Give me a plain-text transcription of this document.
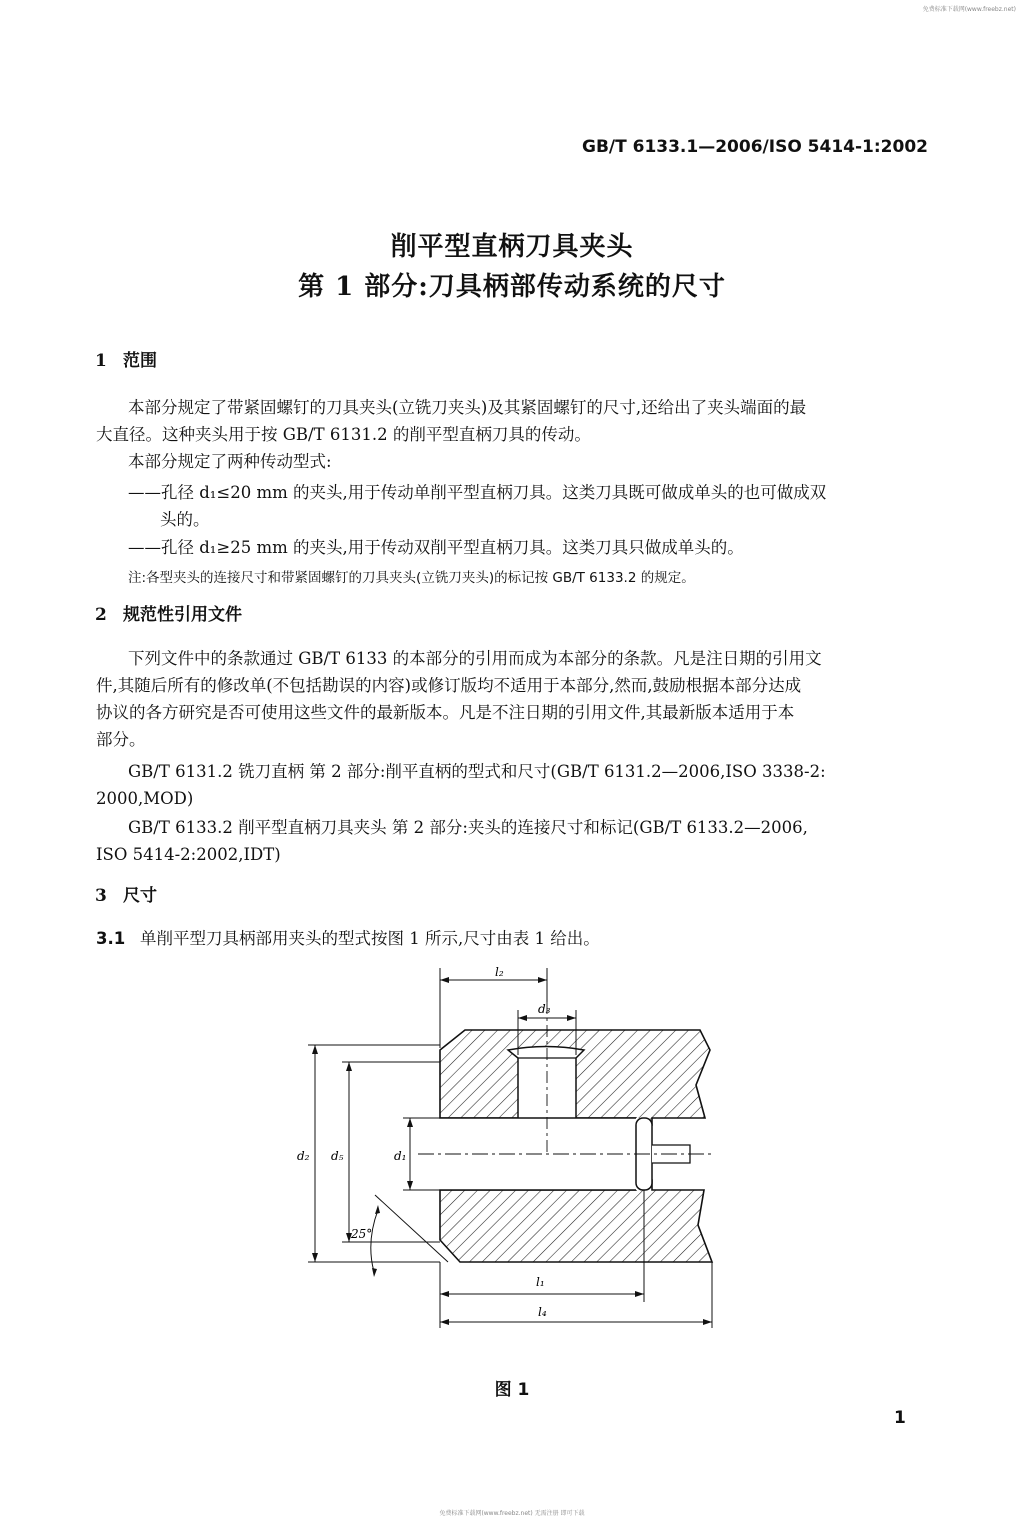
免费标准下载网(www.freebz.net)
GB/T 6133.1—2006/ISO 5414-1:2002
削平型直柄刀具夹头
第 1 部分:刀具柄部传动系统的尺寸
1 范围
本部分规定了带紧固螺钉的刀具夹头(立铣刀夹头)及其紧固螺钉的尺寸,还给出了夹头端面的最
大直径。这种夹头用于按 GB/T 6131.2 的削平型直柄刀具的传动。
本部分规定了两种传动型式:
——孔径 d₁≤20 mm 的夹头,用于传动单削平型直柄刀具。这类刀具既可做成单头的也可做成双
头的。
——孔径 d₁≥25 mm 的夹头,用于传动双削平型直柄刀具。这类刀具只做成单头的。
注:各型夹头的连接尺寸和带紧固螺钉的刀具夹头(立铣刀夹头)的标记按 GB/T 6133.2 的规定。
2 规范性引用文件
下列文件中的条款通过 GB/T 6133 的本部分的引用而成为本部分的条款。凡是注日期的引用文
件,其随后所有的修改单(不包括勘误的内容)或修订版均不适用于本部分,然而,鼓励根据本部分达成
协议的各方研究是否可使用这些文件的最新版本。凡是不注日期的引用文件,其最新版本适用于本
部分。
GB/T 6131.2 铣刀直柄 第 2 部分:削平直柄的型式和尺寸(GB/T 6131.2—2006,ISO 3338-2:
2000,MOD)
GB/T 6133.2 削平型直柄刀具夹头 第 2 部分:夹头的连接尺寸和标记(GB/T 6133.2—2006,
ISO 5414-2:2002,IDT)
3 尺寸
3.1 单削平型刀具柄部用夹头的型式按图 1 所示,尺寸由表 1 给出。
l₂
d₃
d₂ d₅	d₁
25°
l₁
l₄
图 1
1
免费标准下载网(www.freebz.net) 无需注册 即可下载
